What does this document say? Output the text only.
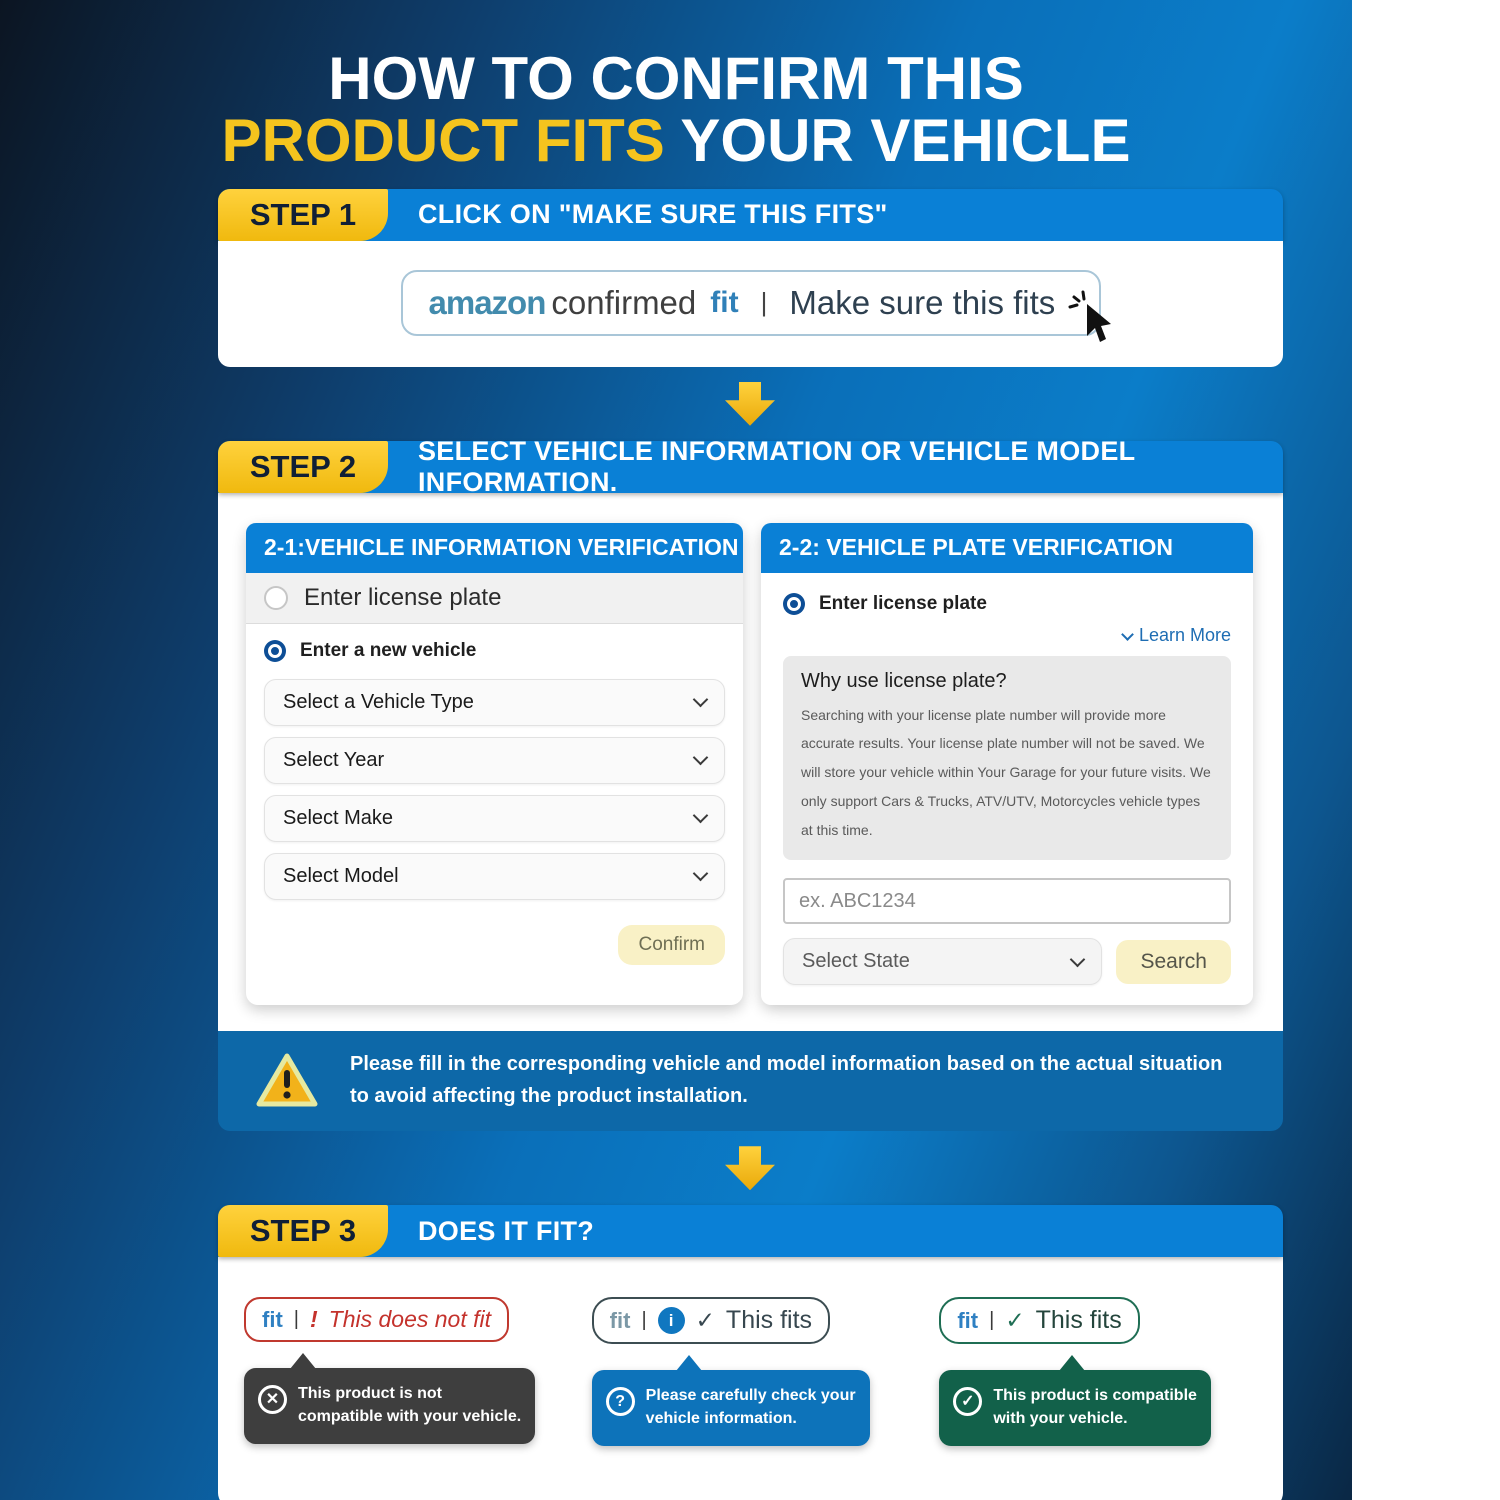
HOW TO CONFIRM THIS
PRODUCT FITS YOUR VEHICLE
STEP 1	CLICK ON "MAKE SURE THIS FITS"
amazon confirmed fit | Make sure this fits
STEP 2	SELECT VEHICLE INFORMATION OR VEHICLE MODEL INFORMATION.
2-1:VEHICLE INFORMATION VERIFICATION
Enter license plate
Enter a new vehicle
Select a Vehicle Type
Select Year
Select Make
Select Model
Confirm
2-2: VEHICLE PLATE VERIFICATION
Enter license plate
Learn More

Why use license plate?

Searching with your license plate number will provide more accurate results. Your license plate number will not be saved. We will store your vehicle within Your Garage for your future visits. We only support Cars & Trucks, ATV/UTV, Motorcycles vehicle types at this time.

ex. ABC1234
Select State	Search

Please fill in the corresponding vehicle and model information based on the actual situation
to avoid affecting the product installation.

STEP 3	DOES IT FIT?
fit | ! This does not fit

✕
This product is not
compatible with your vehicle.
fit |	i ✓ This fits

?
Please carefully check your
vehicle information.
fit | ✓ This fits

✓
This product is compatible
with your vehicle.
